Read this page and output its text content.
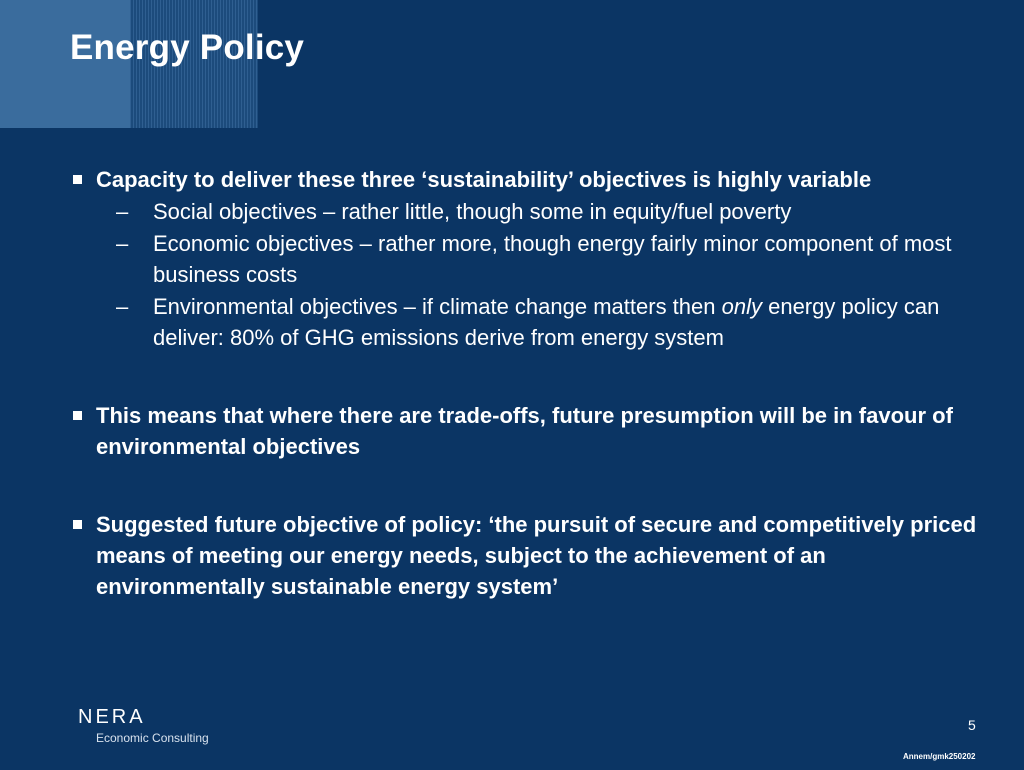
Energy Policy
Capacity to deliver these three ‘sustainability’ objectives is highly variable
– Social objectives – rather little, though some in equity/fuel poverty
– Economic objectives – rather more, though energy fairly minor component of most business costs
– Environmental objectives – if climate change matters then only energy policy can deliver: 80% of GHG emissions derive from energy system
This means that where there are trade-offs, future presumption will be in favour of environmental objectives
Suggested future objective of policy: ‘the pursuit of secure and competitively priced means of meeting our energy needs, subject to the achievement of an environmentally sustainable energy system’
NERA
Economic Consulting
5
Annem/gmk250202
